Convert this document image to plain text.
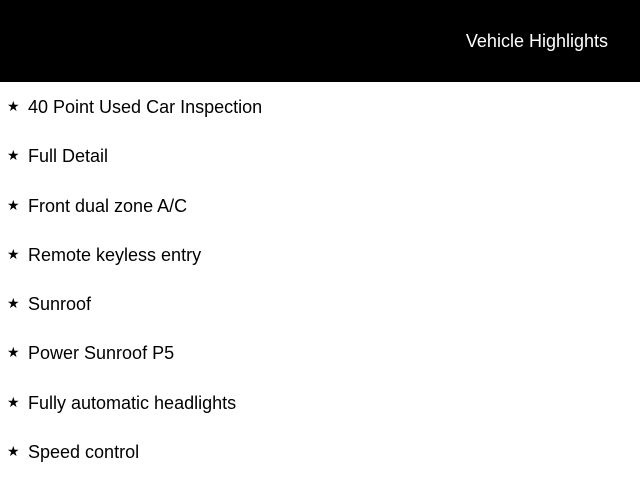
Vehicle Highlights
★ 40 Point Used Car Inspection
★ Full Detail
★ Front dual zone A/C
★ Remote keyless entry
★ Sunroof
★ Power Sunroof P5
★ Fully automatic headlights
★ Speed control
